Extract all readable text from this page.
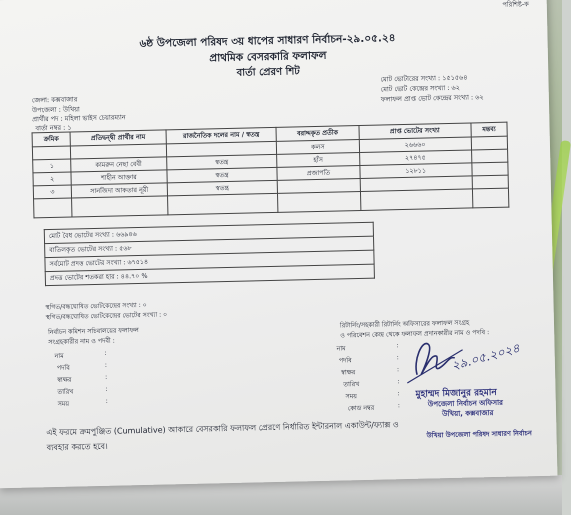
পরিশিষ্ট-ক
৬ষ্ঠ উপজেলা পরিষদ ৩য় ধাপের সাধারণ নির্বাচন-২৯.০৫.২৪
প্রাথমিক বেসরকারি ফলাফল
বার্তা প্রেরণ শিট	মোট ভোটারের সংখ্যা : ১৫১৫৬৪
মোট ভোট কেন্দ্রের সংখ্যা : ৬২
ফলাফল প্রাপ্ত ভোট কেন্দ্রের সংখ্যা : ৬২
জেলা: কক্সবাজার
উপজেলা : উখিয়া
প্রার্থীর পদ : মহিলা ভাইস চেয়ারম্যান
বার্তা নম্বর : ১
ক্রমিক	প্রতিদ্বন্দ্বী প্রার্থীর নাম	রাজনৈতিক দলের নাম / স্বতন্ত্র	বরাদ্দকৃত প্রতীক	প্রাপ্ত ভোটের সংখ্যা	মন্তব্য
			কলস	২৬৬৬০	
১	কামরুন নেছা বেবী	স্বতন্ত্র	হাঁস	২৭৪৭৫	
২	শাহীন আক্তার	স্বতন্ত্র	প্রজাপতি	১২৮১১	
৩	সানজিদা আকতার নূরী	স্বতন্ত্র			

মোট বৈধ ভোটের সংখ্যা : ৬৬৯৪৬
বাতিলকৃত ভোটের সংখ্যা : ৫৬৮
সর্বমোট প্রদত্ত ভোটের সংখ্যা : ৬৭৫১৪
প্রদত্ত ভোটের শতকরা হার : ৪৪.৭০ %
স্থগিত/বন্ধঘোষিত ভোটকেন্দ্রের সংখ্যা : ০
স্থগিত/বন্ধঘোষিত ভোটকেন্দ্রের ভোটের সংখ্যা : ০
নির্বাচন কমিশন সচিবালয়ের ফলাফল
সংগ্রহকারীর নাম ও পদবী :
নাম	:
পদবি	:
স্বাক্ষর	:
তারিখ	:
সময়	:
রিটার্নিং/সহকারী রিটার্নিং অফিসারের ফলাফল সংগ্রহ
ও পরিবেশন কেন্দ্র থেকে ফলাফল প্রদানকারীর নাম ও পদবি :
নাম	:
পদবি	:
স্বাক্ষর	:
তারিখ	:
সময়	:
কোড নম্বর	:
২৯.০৫.২০২৪
মুহাম্মদ মিজানুর রহমান
উপজেলা নির্বাচন অফিসার
উখিয়া, কক্সবাজার
উখিয়া উপজেলা পরিষদ সাধারণ নির্বাচন
এই ফরমে ক্রমপুঞ্জিত (Cumulative) আকারে বেসরকারি ফলাফল প্রেরণে নির্ধারিত ইন্টারনাল একাউন্ট/ফ্যাক্স ও
ব্যবহার করতে হবে।
